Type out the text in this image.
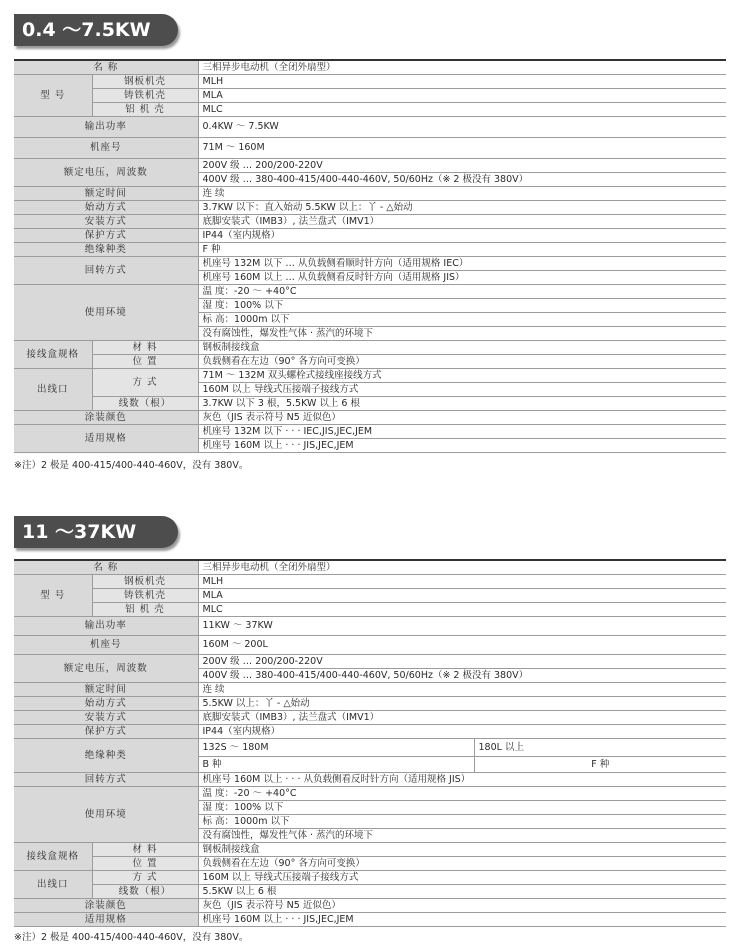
0.4 ～7.5KW
名 称		三相异步电动机（全闭外扇型）
型 号	钢板机壳	MLH
	铸铁机壳	MLA
	铝 机 壳	MLC
输出功率		0.4KW ～ 7.5KW
机座号		71M ～ 160M
额定电压，周波数		200V 级 … 200/200-220V
		400V 级 … 380-400-415/400-440-460V, 50/60Hz（※ 2 极没有 380V）
额定时间		连 续
始动方式		3.7KW 以下：直入始动 5.5KW 以上：丫 - △始动
安装方式		底脚安装式（IMB3）, 法兰盘式（IMV1）
保护方式		IP44（室内规格）
绝缘种类		F 种
回转方式		机座号 132M 以下 … 从负载侧看顺时针方向（适用规格 IEC）
		机座号 160M 以上 … 从负载侧看反时针方向（适用规格 JIS）
使用环境		温 度：-20 ～ +40°C
		湿 度：100% 以下
		标 高：1000m 以下
		没有腐蚀性，爆发性气体 · 蒸汽的环境下
接线盒规格	材 料	钢板制接线盒
	位 置	负载侧看在左边（90° 各方向可变换）
出线口	方 式	71M ～ 132M 双头螺栓式接线座接线方式
		160M 以上 导线式压接端子接线方式
	线数（根）	3.7KW 以下 3 根，5.5KW 以上 6 根
涂装颜色		灰色（JIS 表示符号 N5 近似色）
适用规格		机座号 132M 以下 · · · IEC,JIS,JEC,JEM
		机座号 160M 以上 · · · JIS,JEC,JEM
※注）2 极是 400-415/400-440-460V，没有 380V。
11 ～37KW
名 称		三相异步电动机（全闭外扇型）	
型 号	钢板机壳	MLH	
	铸铁机壳	MLA	
	铝 机 壳	MLC	
输出功率		11KW ～ 37KW	
机座号		160M ～ 200L	
额定电压，周波数		200V 级 … 200/200-220V	
		400V 级 … 380-400-415/400-440-460V, 50/60Hz（※ 2 极没有 380V）	
额定时间		连 续	
始动方式		5.5KW 以上：丫 - △始动	
安装方式		底脚安装式（IMB3）, 法兰盘式（IMV1）	
保护方式		IP44（室内规格）	
绝缘种类		132S ～ 180M	180L 以上
		B 种	F 种
回转方式		机座号 160M 以上 · · · 从负载侧看反时针方向（适用规格 JIS）	
使用环境		温 度：-20 ～ +40°C	
		湿 度：100% 以下	
		标 高：1000m 以下	
		没有腐蚀性，爆发性气体 · 蒸汽的环境下	
接线盒规格	材 料	钢板制接线盒	
	位 置	负载侧看在左边（90° 各方向可变换）	
出线口	方 式	160M 以上 导线式压接端子接线方式	
	线数（根）	5.5KW 以上 6 根	
涂装颜色		灰色（JIS 表示符号 N5 近似色）	
适用规格		机座号 160M 以上 · · · JIS,JEC,JEM	
※注）2 极是 400-415/400-440-460V，没有 380V。
